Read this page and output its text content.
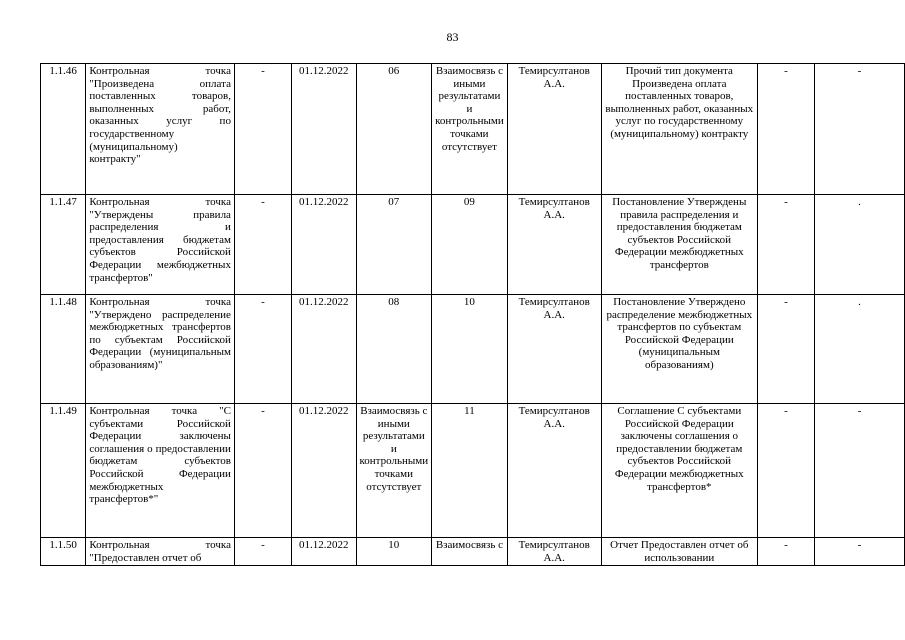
83
1.1.46	Контрольная точка "Произведена оплата поставленных товаров, выполненных работ, оказанных услуг по государственному (муниципальному) контракту"	-	01.12.2022	06	Взаимосвязь с иными результатами и контрольными точками отсутствует	Темирсултанов А.А.	Прочий тип документа Произведена оплата поставленных товаров, выполненных работ, оказанных услуг по государственному (муниципальному) контракту	-	-
1.1.47	Контрольная точка "Утверждены правила распределения и предоставления бюджетам субъектов Российской Федерации межбюджетных трансфертов"	-	01.12.2022	07	09	Темирсултанов А.А.	Постановление Утверждены правила распределения и предоставления бюджетам субъектов Российской Федерации межбюджетных трансфертов	-	.
1.1.48	Контрольная точка "Утверждено распределение межбюджетных трансфертов по субъектам Российской Федерации (муниципальным образованиям)"	-	01.12.2022	08	10	Темирсултанов А.А.	Постановление Утверждено распределение межбюджетных трансфертов по субъектам Российской Федерации (муниципальным образованиям)	-	.
1.1.49	Контрольная точка "С субъектами Российской Федерации заключены соглашения о предоставлении бюджетам субъектов Российской Федерации межбюджетных трансфертов*"	-	01.12.2022	Взаимосвязь с иными результатами и контрольными точками отсутствует	11	Темирсултанов А.А.	Соглашение С субъектами Российской Федерации заключены соглашения о предоставлении бюджетам субъектов Российской Федерации межбюджетных трансфертов*	-	-
1.1.50	Контрольная точка "Предоставлен отчет об	-	01.12.2022	10	Взаимосвязь с	Темирсултанов А.А.	Отчет Предоставлен отчет об использовании	-	-
